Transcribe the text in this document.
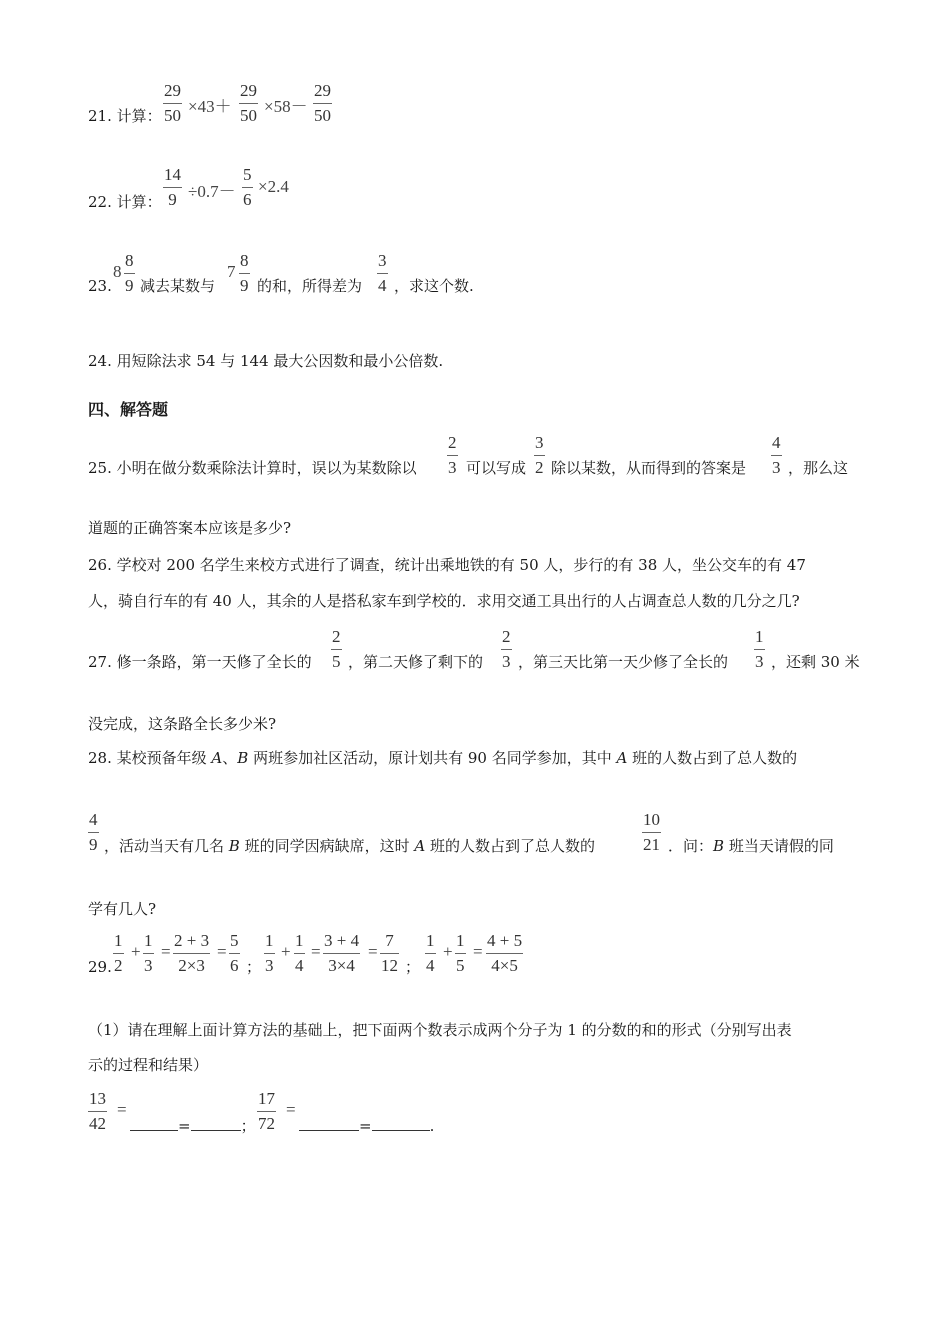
21. 计算：
29
50 ×43＋
29
50 ×58－
29
50
22. 计算：
14
9 ÷0.7－
5
6
×2.4
23.
8
8
9 减去某数与
7
8
9 的和，所得差为
3
4 ，求这个数.
24. 用短除法求 54 与 144 最大公因数和最小公倍数.
四、解答题
25. 小明在做分数乘除法计算时，误以为某数除以
2
3 可以写成
3
2 除以某数，从而得到的答案是
4
3 ，那么这
道题的正确答案本应该是多少?
26. 学校对 200 名学生来校方式进行了调查，统计出乘地铁的有 50 人，步行的有 38 人，坐公交车的有 47
人，骑自行车的有 40 人，其余的人是搭私家车到学校的．求用交通工具出行的人占调查总人数的几分之几?
27. 修一条路，第一天修了全长的
2
5 ，第二天修了剩下的
2
3 ，第三天比第一天少修了全长的
1
3 ，还剩 30 米
没完成，这条路全长多少米?
28. 某校预备年级 A、B 两班参加社区活动，原计划共有 90 名同学参加，其中 A 班的人数占到了总人数的
4
9 ，活动当天有几名 B 班的同学因病缺席，这时 A 班的人数占到了总人数的
10
21 ．问：B 班当天请假的同
学有几人?
29.
1
2
+
1
3
=
2 + 3
2×3
=
5
6 ；
1
3
+
1
4
=
3 + 4
3×4
=
7
12 ；
1
4
+
1
5
=
4 + 5
4×5
（1）请在理解上面计算方法的基础上，把下面两个数表示成两个分子为 1 的分数的和的形式（分别写出表
示的过程和结果）
13
42
=
=	；
17
72
=
=	.
